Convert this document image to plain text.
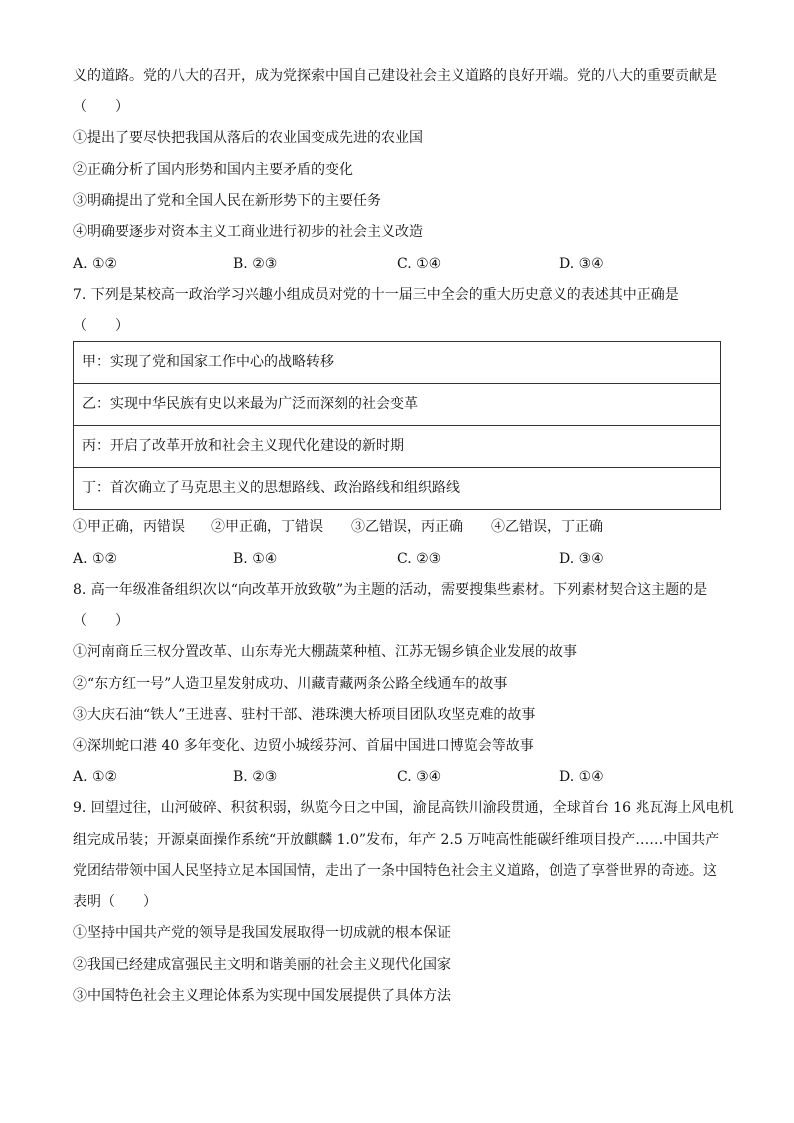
义的道路。党的八大的召开，成为党探索中国自己建设社会主义道路的良好开端。党的八大的重要贡献是
（　　）
①提出了要尽快把我国从落后的农业国变成先进的农业国
②正确分析了国内形势和国内主要矛盾的变化
③明确提出了党和全国人民在新形势下的主要任务
④明确要逐步对资本主义工商业进行初步的社会主义改造
A. ①②	B. ②③	C. ①④	D. ③④
7. 下列是某校高一政治学习兴趣小组成员对党的十一届三中全会的重大历史意义的表述其中正确是
（　　）
甲：实现了党和国家工作中心的战略转移
乙：实现中华民族有史以来最为广泛而深刻的社会变革
丙：开启了改革开放和社会主义现代化建设的新时期
丁：首次确立了马克思主义的思想路线、政治路线和组织路线
①甲正确，丙错误 ②甲正确，丁错误 ③乙错误，丙正确 ④乙错误，丁正确
A. ①②	B. ①④	C. ②③	D. ③④
8. 高一年级准备组织次以“向改革开放致敬”为主题的活动，需要搜集些素材。下列素材契合这主题的是
（　　）
①河南商丘三权分置改革、山东寿光大棚蔬菜种植、江苏无锡乡镇企业发展的故事
②“东方红一号”人造卫星发射成功、川藏青藏两条公路全线通车的故事
③大庆石油“铁人”王进喜、驻村干部、港珠澳大桥项目团队攻坚克难的故事
④深圳蛇口港 40 多年变化、边贸小城绥芬河、首届中国进口博览会等故事
A. ①②	B. ②③	C. ③④	D. ①④
9. 回望过往，山河破碎、积贫积弱，纵览今日之中国，渝昆高铁川渝段贯通，全球首台 16 兆瓦海上风电机
组完成吊装；开源桌面操作系统“开放麒麟 1.0”发布，年产 2.5 万吨高性能碳纤维项目投产……中国共产
党团结带领中国人民坚持立足本国国情，走出了一条中国特色社会主义道路，创造了享誉世界的奇迹。这
表明（　　）
①坚持中国共产党的领导是我国发展取得一切成就的根本保证
②我国已经建成富强民主文明和谐美丽的社会主义现代化国家
③中国特色社会主义理论体系为实现中国发展提供了具体方法
